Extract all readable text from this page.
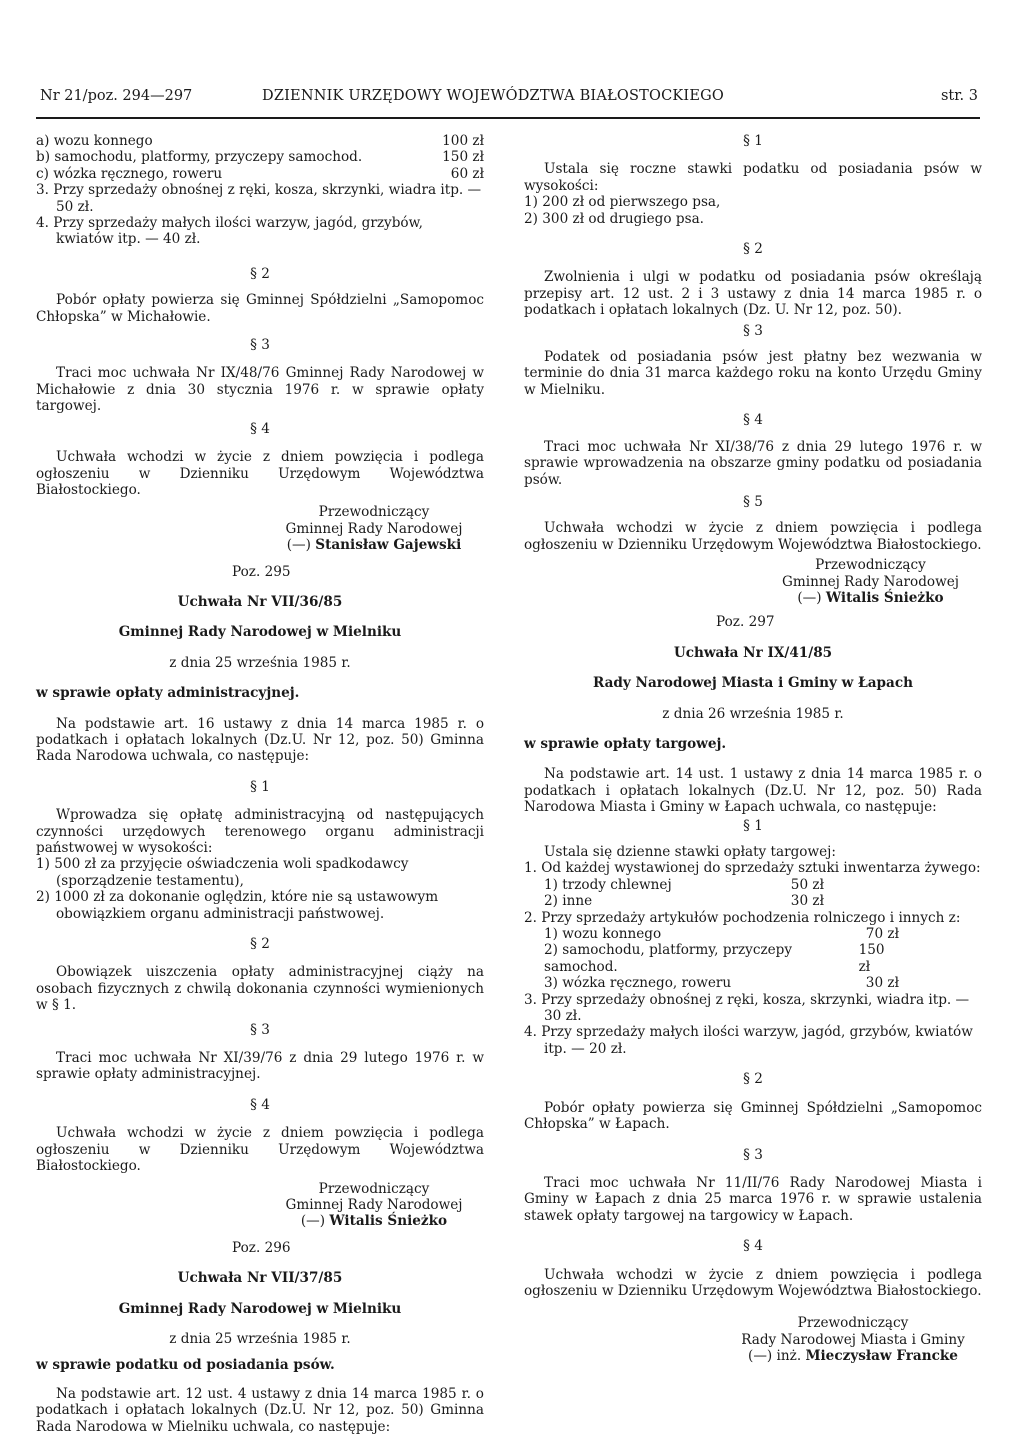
Nr 21/poz. 294—297	DZIENNIK URZĘDOWY WOJEWÓDZTWA BIAŁOSTOCKIEGO	str. 3
a) wozu konnego	100 zł
b) samochodu, platformy, przyczepy samochod.	150 zł
c) wózka ręcznego, roweru	60 zł

3. Przy sprzedaży obnośnej z ręki, kosza, skrzynki, wiadra itp. — 50 zł.

4. Przy sprzedaży małych ilości warzyw, jagód, grzybów, kwiatów itp. — 40 zł.

§ 2

Pobór opłaty powierza się Gminnej Spółdzielni „Samopomoc Chłopska” w Michałowie.

§ 3

Traci moc uchwała Nr IX/48/76 Gminnej Rady Narodowej w Michałowie z dnia 30 stycznia 1976 r. w sprawie opłaty targowej.

§ 4

Uchwała wchodzi w życie z dniem powzięcia i podlega ogłoszeniu w Dzienniku Urzędowym Województwa Białostockiego.

Przewodniczący

Gminnej Rady Narodowej

(—) Stanisław Gajewski

Poz. 295

Uchwała Nr VII/36/85

Gminnej Rady Narodowej w Mielniku

z dnia 25 września 1985 r.

w sprawie opłaty administracyjnej.

Na podstawie art. 16 ustawy z dnia 14 marca 1985 r. o podatkach i opłatach lokalnych (Dz.U. Nr 12, poz. 50) Gminna Rada Narodowa uchwala, co następuje:

§ 1

Wprowadza się opłatę administracyjną od następujących czynności urzędowych terenowego organu administracji państwowej w wysokości:

1) 500 zł za przyjęcie oświadczenia woli spadkodawcy (sporządzenie testamentu),

2) 1000 zł za dokonanie oględzin, które nie są ustawowym obowiązkiem organu administracji państwowej.

§ 2

Obowiązek uiszczenia opłaty administracyjnej ciąży na osobach fizycznych z chwilą dokonania czynności wymienionych w § 1.

§ 3

Traci moc uchwała Nr XI/39/76 z dnia 29 lutego 1976 r. w sprawie opłaty administracyjnej.

§ 4

Uchwała wchodzi w życie z dniem powzięcia i podlega ogłoszeniu w Dzienniku Urzędowym Województwa Białostockiego.

Przewodniczący

Gminnej Rady Narodowej

(—) Witalis Śnieżko

Poz. 296

Uchwała Nr VII/37/85

Gminnej Rady Narodowej w Mielniku

z dnia 25 września 1985 r.

w sprawie podatku od posiadania psów.

Na podstawie art. 12 ust. 4 ustawy z dnia 14 marca 1985 r. o podatkach i opłatach lokalnych (Dz.U. Nr 12, poz. 50) Gminna Rada Narodowa w Mielniku uchwala, co następuje:

§ 1

Ustala się roczne stawki podatku od posiadania psów w wysokości:

1) 200 zł od pierwszego psa,

2) 300 zł od drugiego psa.

§ 2

Zwolnienia i ulgi w podatku od posiadania psów określają przepisy art. 12 ust. 2 i 3 ustawy z dnia 14 marca 1985 r. o podatkach i opłatach lokalnych (Dz. U. Nr 12, poz. 50).

§ 3

Podatek od posiadania psów jest płatny bez wezwania w terminie do dnia 31 marca każdego roku na konto Urzędu Gminy w Mielniku.

§ 4

Traci moc uchwała Nr XI/38/76 z dnia 29 lutego 1976 r. w sprawie wprowadzenia na obszarze gminy podatku od posiadania psów.

§ 5

Uchwała wchodzi w życie z dniem powzięcia i podlega ogłoszeniu w Dzienniku Urzędowym Województwa Białostockiego.

Przewodniczący

Gminnej Rady Narodowej

(—) Witalis Śnieżko

Poz. 297

Uchwała Nr IX/41/85

Rady Narodowej Miasta i Gminy w Łapach

z dnia 26 września 1985 r.

w sprawie opłaty targowej.

Na podstawie art. 14 ust. 1 ustawy z dnia 14 marca 1985 r. o podatkach i opłatach lokalnych (Dz.U. Nr 12, poz. 50) Rada Narodowa Miasta i Gminy w Łapach uchwala, co następuje:

§ 1

Ustala się dzienne stawki opłaty targowej:

1. Od każdej wystawionej do sprzedaży sztuki inwentarza żywego:

1) trzody chlewnej	50 zł
2) inne	30 zł

2. Przy sprzedaży artykułów pochodzenia rolniczego i innych z:

1) wozu konnego	70 zł
2) samochodu, platformy, przyczepy samochod.
150 zł
3) wózka ręcznego, roweru	30 zł

3. Przy sprzedaży obnośnej z ręki, kosza, skrzynki, wiadra itp. — 30 zł.

4. Przy sprzedaży małych ilości warzyw, jagód, grzybów, kwiatów itp. — 20 zł.

§ 2

Pobór opłaty powierza się Gminnej Spółdzielni „Samopomoc Chłopska” w Łapach.

§ 3

Traci moc uchwała Nr 11/II/76 Rady Narodowej Miasta i Gminy w Łapach z dnia 25 marca 1976 r. w sprawie ustalenia stawek opłaty targowej na targowicy w Łapach.

§ 4

Uchwała wchodzi w życie z dniem powzięcia i podlega ogłoszeniu w Dzienniku Urzędowym Województwa Białostockiego.

Przewodniczący

Rady Narodowej Miasta i Gminy

(—) inż. Mieczysław Francke
